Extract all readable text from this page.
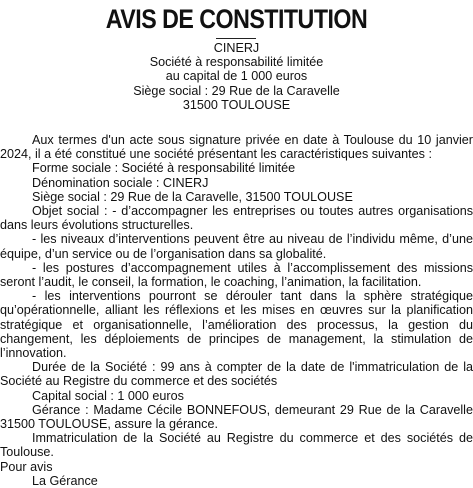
AVIS DE CONSTITUTION
CINERJ
Société à responsabilité limitée
au capital de 1 000 euros
Siège social : 29 Rue de la Caravelle
31500 TOULOUSE

Aux termes d'un acte sous signature privée en date à Toulouse du 10 janvier 2024, il a été constitué une société présentant les caractéristiques suivantes :

Forme sociale : Société à responsabilité limitée

Dénomination sociale : CINERJ

Siège social : 29 Rue de la Caravelle, 31500 TOULOUSE

Objet social : - d’accompagner les entreprises ou toutes autres organisations dans leurs évolutions structurelles.

- les niveaux d’interventions peuvent être au niveau de l’individu même, d’une équipe, d’un service ou de l’organisation dans sa globalité.

- les postures d’accompagnement utiles à l’accomplissement des missions seront l’audit, le conseil, la formation, le coaching, l’animation, la facilitation.

- les interventions pourront se dérouler tant dans la sphère stratégique qu’opérationnelle, alliant les réflexions et les mises en œuvres sur la planification stratégique et organisationnelle, l’amélioration des processus, la gestion du changement, les déploiements de principes de management, la stimulation de l’innovation.

Durée de la Société : 99 ans à compter de la date de l'immatriculation de la Société au Registre du commerce et des sociétés

Capital social : 1 000 euros

Gérance : Madame Cécile BONNEFOUS, demeurant 29 Rue de la Caravelle 31500 TOULOUSE, assure la gérance.

Immatriculation de la Société au Registre du commerce et des sociétés de Toulouse.

Pour avis

La Gérance
